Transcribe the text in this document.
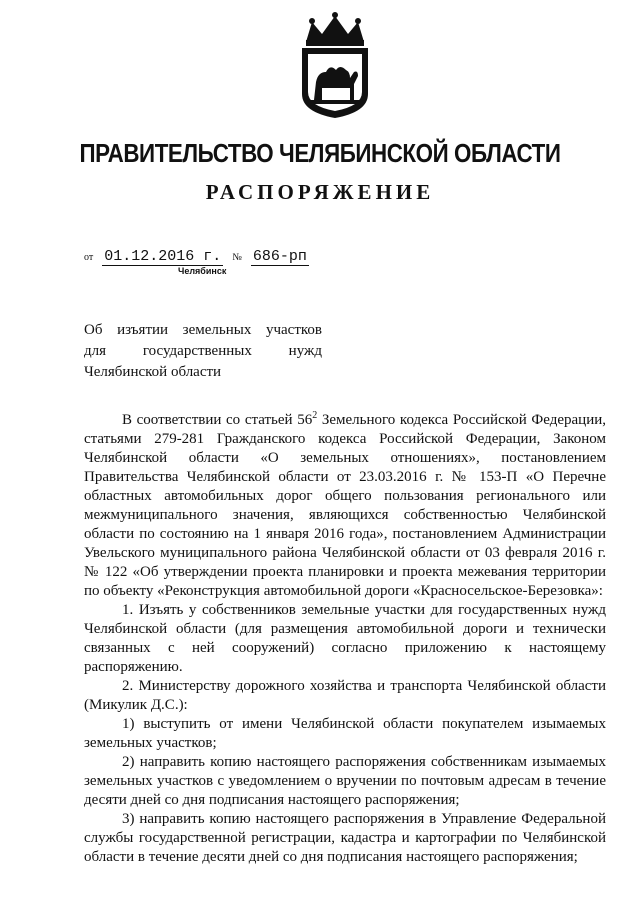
ПРАВИТЕЛЬСТВО ЧЕЛЯБИНСКОЙ ОБЛАСТИ
РАСПОРЯЖЕНИЕ
от 01.12.2016 г. № 686-рп
Челябинск
Об изъятии земельных участков
для государственных нужд
Челябинской области

В соответствии со статьей $56^2$ Земельного кодекса Российской Федерации, статьями 279-281 Гражданского кодекса Российской Федерации, Законом Челябинской области «О земельных отношениях», постановлением Правительства Челябинской области от 23.03.2016 г. № 153-П «О Перечне областных автомобильных дорог общего пользования регионального или межмуниципального значения, являющихся собственностью Челябинской области по состоянию на 1 января 2016 года», постановлением Администрации Увельского муниципального района Челябинской области от 03 февраля 2016 г. № 122 «Об утверждении проекта планировки и проекта межевания территории по объекту «Реконструкция автомобильной дороги «Красносельское-Березовка»:

1. Изъять у собственников земельные участки для государственных нужд Челябинской области (для размещения автомобильной дороги и технически связанных с ней сооружений) согласно приложению к настоящему распоряжению.

2. Министерству дорожного хозяйства и транспорта Челябинской области (Микулик Д.С.):

1) выступить от имени Челябинской области покупателем изымаемых земельных участков;

2) направить копию настоящего распоряжения собственникам изымаемых земельных участков с уведомлением о вручении по почтовым адресам в течение десяти дней со дня подписания настоящего распоряжения;

3) направить копию настоящего распоряжения в Управление Федеральной службы государственной регистрации, кадастра и картографии по Челябинской области в течение десяти дней со дня подписания настоящего распоряжения;
